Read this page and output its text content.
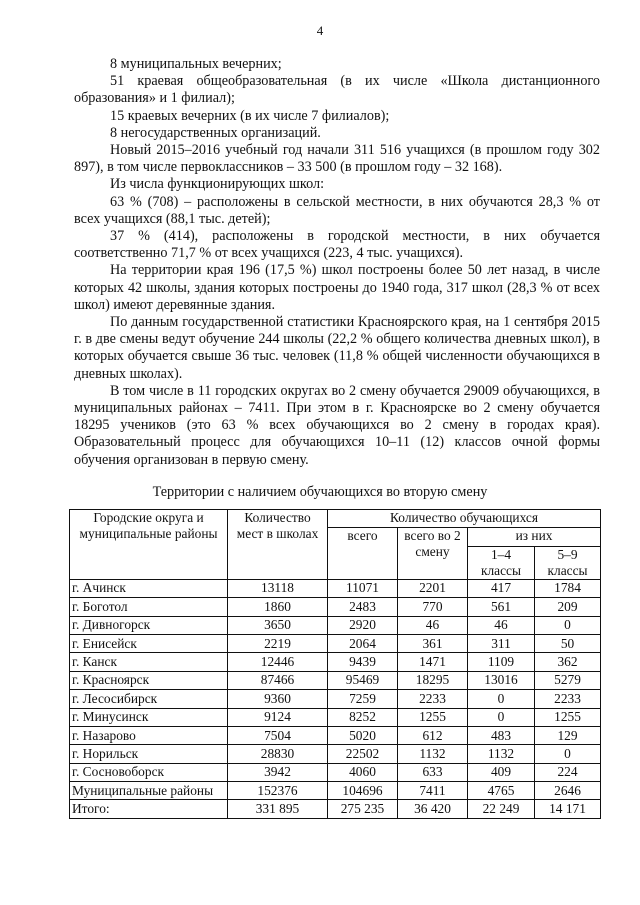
4

8 муниципальных вечерних;

51 краевая общеобразовательная (в их числе «Школа дистанционного образования» и 1 филиал);

15 краевых вечерних (в их числе 7 филиалов);

8 негосударственных организаций.

Новый 2015–2016 учебный год начали 311 516 учащихся (в прошлом году 302 897), в том числе первоклассников – 33 500 (в прошлом году – 32 168).

Из числа функционирующих школ:

63 % (708) – расположены в сельской местности, в них обучаются 28,3 % от всех учащихся (88,1 тыс. детей);

37 % (414), расположены в городской местности, в них обучается соответственно 71,7 % от всех учащихся (223, 4 тыс. учащихся).

На территории края 196 (17,5 %) школ построены более 50 лет назад, в числе которых 42 школы, здания которых построены до 1940 года, 317 школ (28,3 % от всех школ) имеют деревянные здания.

По данным государственной статистики Красноярского края, на 1 сентября 2015 г. в две смены ведут обучение 244 школы (22,2 % общего количества дневных школ), в которых обучается свыше 36 тыс. человек (11,8 % общей численности обучающихся в дневных школах).

В том числе в 11 городских округах во 2 смену обучается 29009 обучающихся, в муниципальных районах – 7411. При этом в г. Красноярске во 2 смену обучается 18295 учеников (это 63 % всех обучающихся во 2 смену в городах края). Образовательный процесс для обучающихся 10–11 (12) классов очной формы обучения организован в первую смену.

Территории с наличием обучающихся во вторую смену
Городские округа и муниципальные районы	Количество мест в школах	Количество обучающихся			
		всего	всего во 2 смену	из них	
				1–4 классы	5–9 классы
г. Ачинск	13118	11071	2201	417	1784
г. Боготол	1860	2483	770	561	209
г. Дивногорск	3650	2920	46	46	0
г. Енисейск	2219	2064	361	311	50
г. Канск	12446	9439	1471	1109	362
г. Красноярск	87466	95469	18295	13016	5279
г. Лесосибирск	9360	7259	2233	0	2233
г. Минусинск	9124	8252	1255	0	1255
г. Назарово	7504	5020	612	483	129
г. Норильск	28830	22502	1132	1132	0
г. Сосновоборск	3942	4060	633	409	224
Муниципальные районы	152376	104696	7411	4765	2646
Итого:	331 895	275 235	36 420	22 249	14 171
